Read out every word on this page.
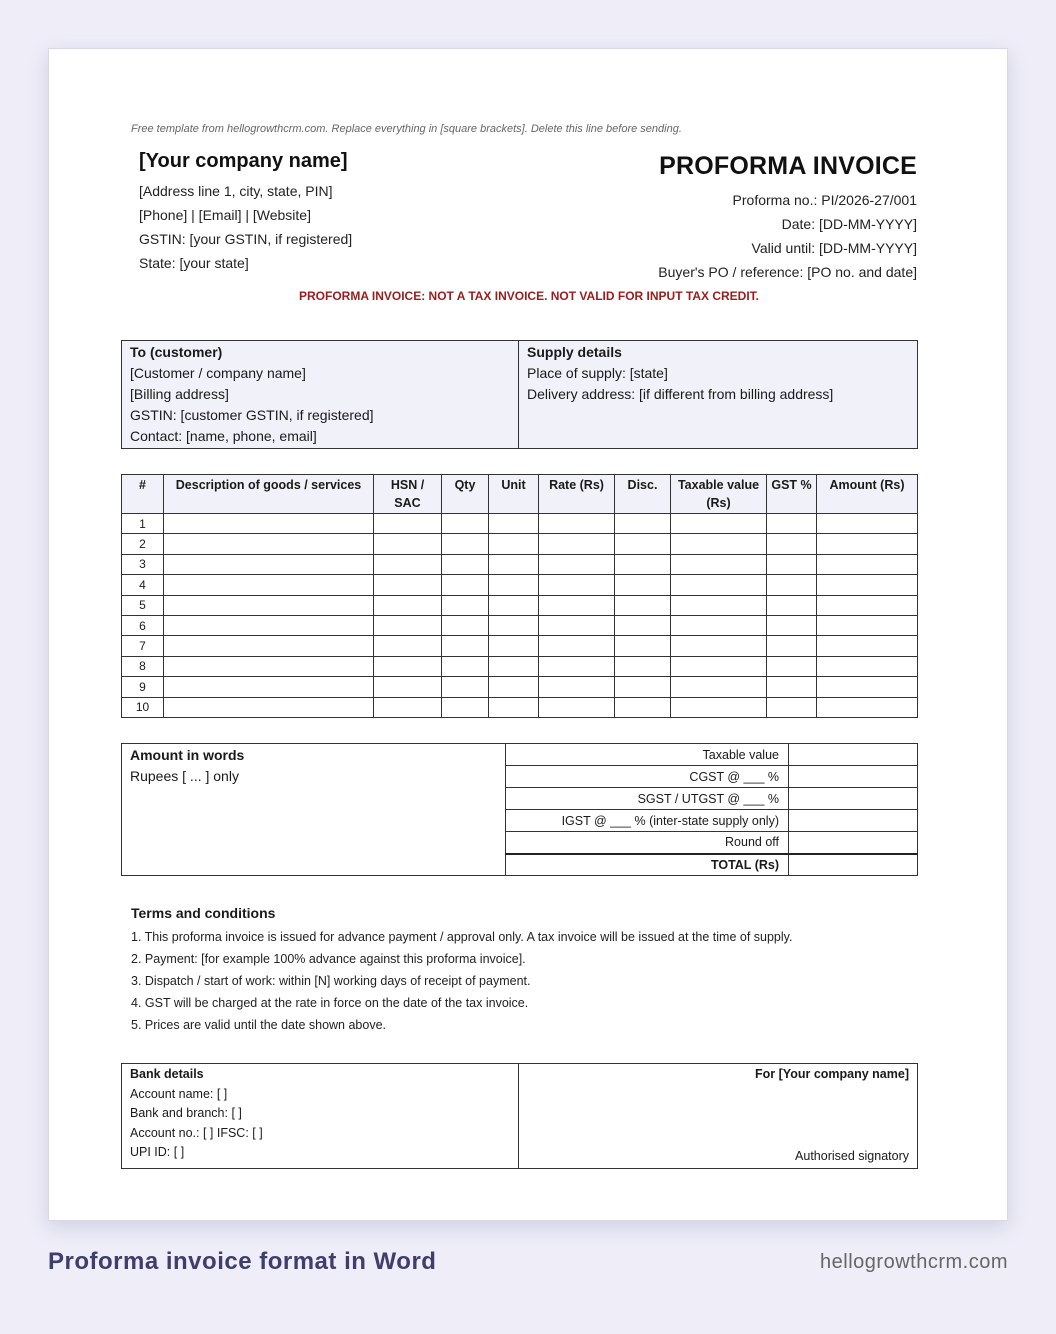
Free template from hellogrowthcrm.com. Replace everything in [square brackets]. Delete this line before sending.
[Your company name]
[Address line 1, city, state, PIN]
[Phone] | [Email] | [Website]
GSTIN: [your GSTIN, if registered]
State: [your state]
PROFORMA INVOICE
Proforma no.: PI/2026-27/001
Date: [DD-MM-YYYY]
Valid until: [DD-MM-YYYY]
Buyer's PO / reference: [PO no. and date]
PROFORMA INVOICE: NOT A TAX INVOICE. NOT VALID FOR INPUT TAX CREDIT.
To (customer)
[Customer / company name]
[Billing address]
GSTIN: [customer GSTIN, if registered]
Contact: [name, phone, email]

Supply details
Place of supply: [state]
Delivery address: [if different from billing address]
#	Description of goods / services	HSN / SAC	Qty	Unit	Rate (Rs)	Disc.	Taxable value (Rs)	GST %	Amount (Rs)
1									
2									
3									
4									
5									
6									
7									
8									
9									
10									
Amount in words
Rupees [ ... ] only	Taxable value	
	CGST @ ___ %	
	SGST / UTGST @ ___ %	
	IGST @ ___ % (inter-state supply only)	
	Round off	
	TOTAL (Rs)	
Terms and conditions
1. This proforma invoice is issued for advance payment / approval only. A tax invoice will be issued at the time of supply.
2. Payment: [for example 100% advance against this proforma invoice].
3. Dispatch / start of work: within [N] working days of receipt of payment.
4. GST will be charged at the rate in force on the date of the tax invoice.
5. Prices are valid until the date shown above.
Bank details
Account name: [ ]
Bank and branch: [ ]
Account no.: [ ] IFSC: [ ]
UPI ID: [ ]

For [Your company name]
Authorised signatory
Proforma invoice format in Word	hellogrowthcrm.com
